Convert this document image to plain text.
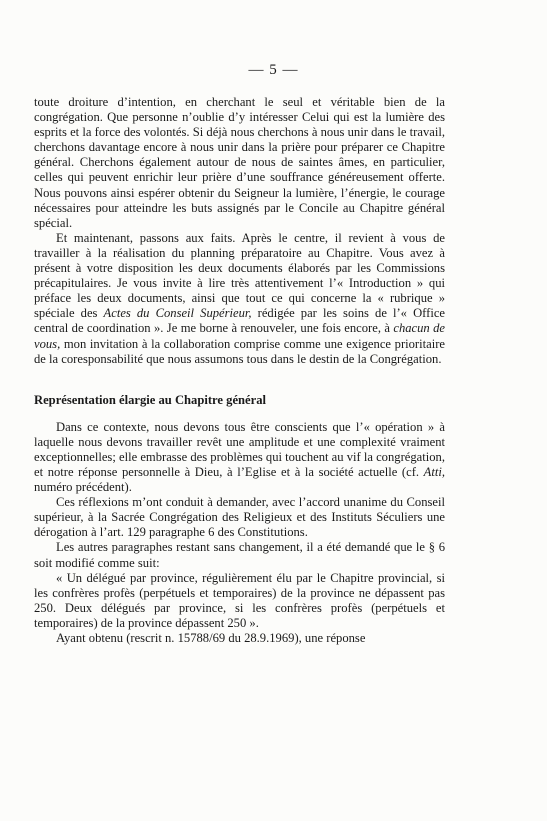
— 5 —

toute droiture d’intention, en cherchant le seul et véritable bien de la congrégation. Que personne n’oublie d’y intéresser Celui qui est la lumière des esprits et la force des volontés. Si déjà nous cherchons à nous unir dans le travail, cherchons davantage encore à nous unir dans la prière pour préparer ce Chapitre général. Cherchons également autour de nous de saintes âmes, en particulier, celles qui peuvent enrichir leur prière d’une souffrance généreusement offerte. Nous pouvons ainsi espérer obtenir du Seigneur la lumière, l’énergie, le courage nécessaires pour atteindre les buts assignés par le Concile au Chapitre général spécial.

Et maintenant, passons aux faits. Après le centre, il revient à vous de travailler à la réalisation du planning préparatoire au Chapitre. Vous avez à présent à votre disposition les deux documents élaborés par les Commissions précapitulaires. Je vous invite à lire très attentivement l’« Introduction » qui préface les deux documents, ainsi que tout ce qui concerne la « rubrique » spéciale des Actes du Conseil Supérieur, rédigée par les soins de l’« Office central de coordination ». Je me borne à renouveler, une fois encore, à chacun de vous, mon invitation à la collaboration comprise comme une exigence prioritaire de la coresponsabilité que nous assumons tous dans le destin de la Congrégation.

Représentation élargie au Chapitre général

Dans ce contexte, nous devons tous être conscients que l’« opération » à laquelle nous devons travailler revêt une amplitude et une complexité vraiment exceptionnelles; elle embrasse des problèmes qui touchent au vif la congrégation, et notre réponse personnelle à Dieu, à l’Eglise et à la société actuelle (cf. Atti, numéro précédent).

Ces réflexions m’ont conduit à demander, avec l’accord unanime du Conseil supérieur, à la Sacrée Congrégation des Religieux et des Instituts Séculiers une dérogation à l’art. 129 paragraphe 6 des Constitutions.

Les autres paragraphes restant sans changement, il a été demandé que le § 6 soit modifié comme suit:

« Un délégué par province, régulièrement élu par le Chapitre provincial, si les confrères profès (perpétuels et temporaires) de la province ne dépassent pas 250. Deux délégués par province, si les confrères profès (perpétuels et temporaires) de la province dépassent 250 ».

Ayant obtenu (rescrit n. 15788/69 du 28.9.1969), une réponse
